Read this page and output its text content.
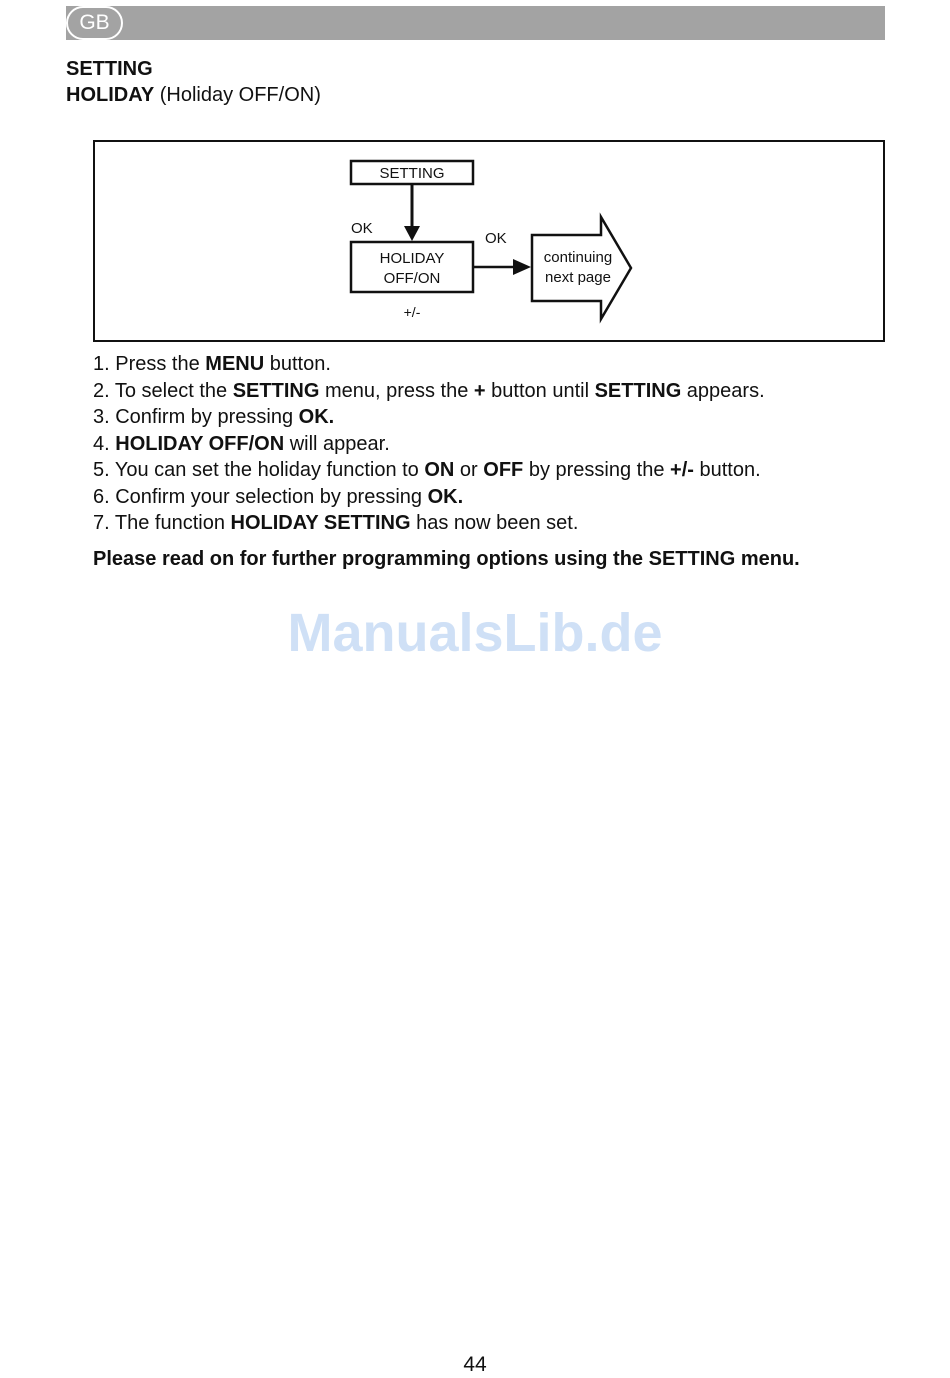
GB
SETTING
HOLIDAY (Holiday OFF/ON)
SETTING
OK
HOLIDAY
OFF/ON
OK
+/-
continuing
next page
1. Press the MENU button.
2. To select the SETTING menu, press the + button until SETTING appears.
3. Confirm by pressing OK.
4. HOLIDAY OFF/ON will appear.
5. You can set the holiday function to ON or OFF by pressing the +/- button.
6. Confirm your selection by pressing OK.
7. The function HOLIDAY SETTING has now been set.
Please read on for further programming options using the SETTING menu.
ManualsLib.de
44
